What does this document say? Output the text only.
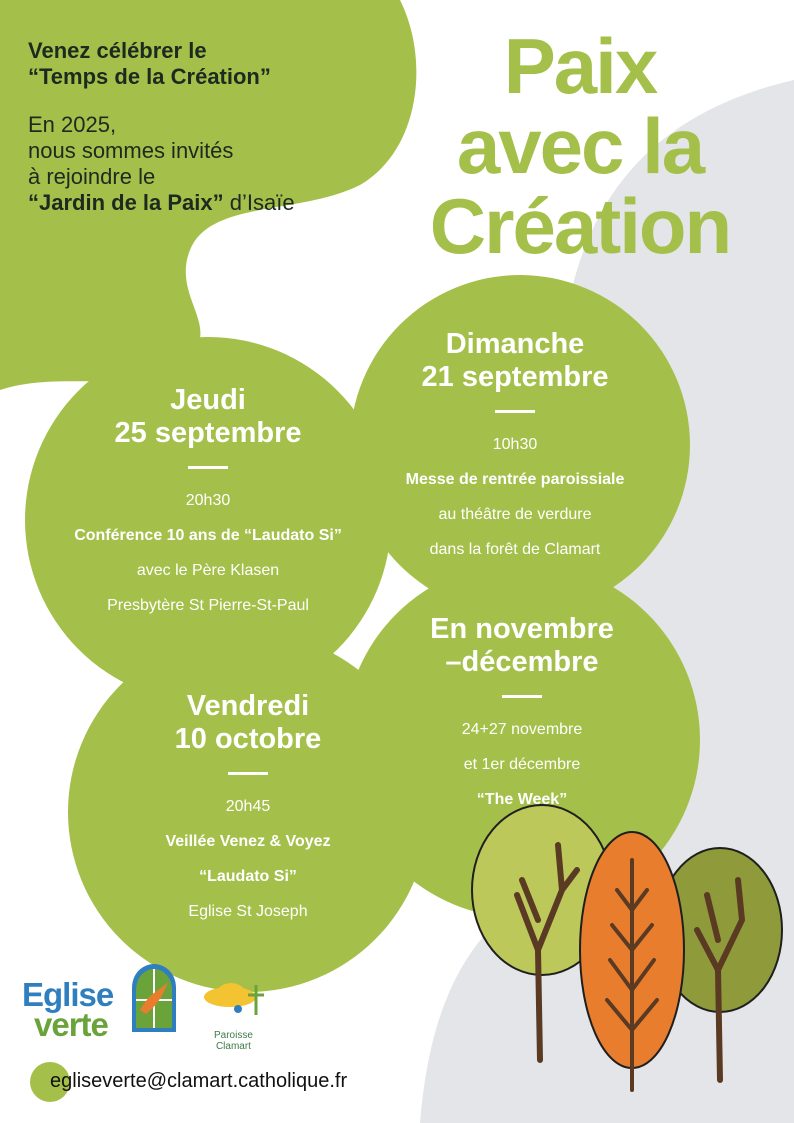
Venez célébrer le
“Temps de la Création”
En 2025,
nous sommes invités
à rejoindre le
“Jardin de la Paix” d’Isaïe
Paix
avec la
Création
Jeudi
25 septembre
20h30
Conférence 10 ans de “Laudato Si”
avec le Père Klasen
Presbytère St Pierre-St-Paul
Dimanche
21 septembre
10h30
Messe de rentrée paroissiale
au théâtre de verdure
dans la forêt de Clamart
Vendredi
10 octobre
20h45
Veillée Venez & Voyez
“Laudato Si”
Eglise St Joseph
En novembre
–décembre
24+27 novembre
et 1er décembre
“The Week”
Eglise
verte	Paroisse
Clamart
egliseverte@clamart.catholique.fr
